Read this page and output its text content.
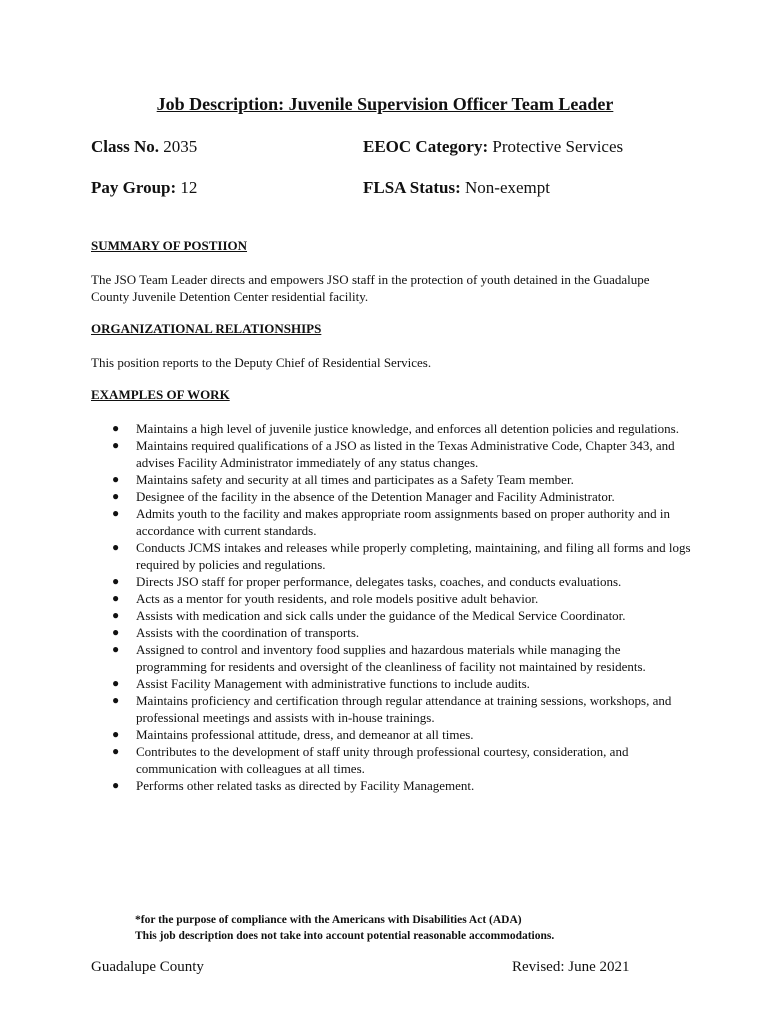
Job Description: Juvenile Supervision Officer Team Leader
Class No. 2035	EEOC Category: Protective Services
Pay Group: 12	FLSA Status: Non-exempt
SUMMARY OF POSTIION
The JSO Team Leader directs and empowers JSO staff in the protection of youth detained in the Guadalupe County Juvenile Detention Center residential facility.
ORGANIZATIONAL RELATIONSHIPS
This position reports to the Deputy Chief of Residential Services.
EXAMPLES OF WORK
● Maintains a high level of juvenile justice knowledge, and enforces all detention policies and regulations.
● Maintains required qualifications of a JSO as listed in the Texas Administrative Code, Chapter 343, and advises Facility Administrator immediately of any status changes.
● Maintains safety and security at all times and participates as a Safety Team member.
● Designee of the facility in the absence of the Detention Manager and Facility Administrator.
● Admits youth to the facility and makes appropriate room assignments based on proper authority and in accordance with current standards.
● Conducts JCMS intakes and releases while properly completing, maintaining, and filing all forms and logs required by policies and regulations.
● Directs JSO staff for proper performance, delegates tasks, coaches, and conducts evaluations.
● Acts as a mentor for youth residents, and role models positive adult behavior.
● Assists with medication and sick calls under the guidance of the Medical Service Coordinator.
● Assists with the coordination of transports.
● Assigned to control and inventory food supplies and hazardous materials while managing the programming for residents and oversight of the cleanliness of facility not maintained by residents.
● Assist Facility Management with administrative functions to include audits.
● Maintains proficiency and certification through regular attendance at training sessions, workshops, and professional meetings and assists with in-house trainings.
● Maintains professional attitude, dress, and demeanor at all times.
● Contributes to the development of staff unity through professional courtesy, consideration, and communication with colleagues at all times.
● Performs other related tasks as directed by Facility Management.
*for the purpose of compliance with the Americans with Disabilities Act (ADA)
This job description does not take into account potential reasonable accommodations.
Guadalupe County	Revised: June 2021
